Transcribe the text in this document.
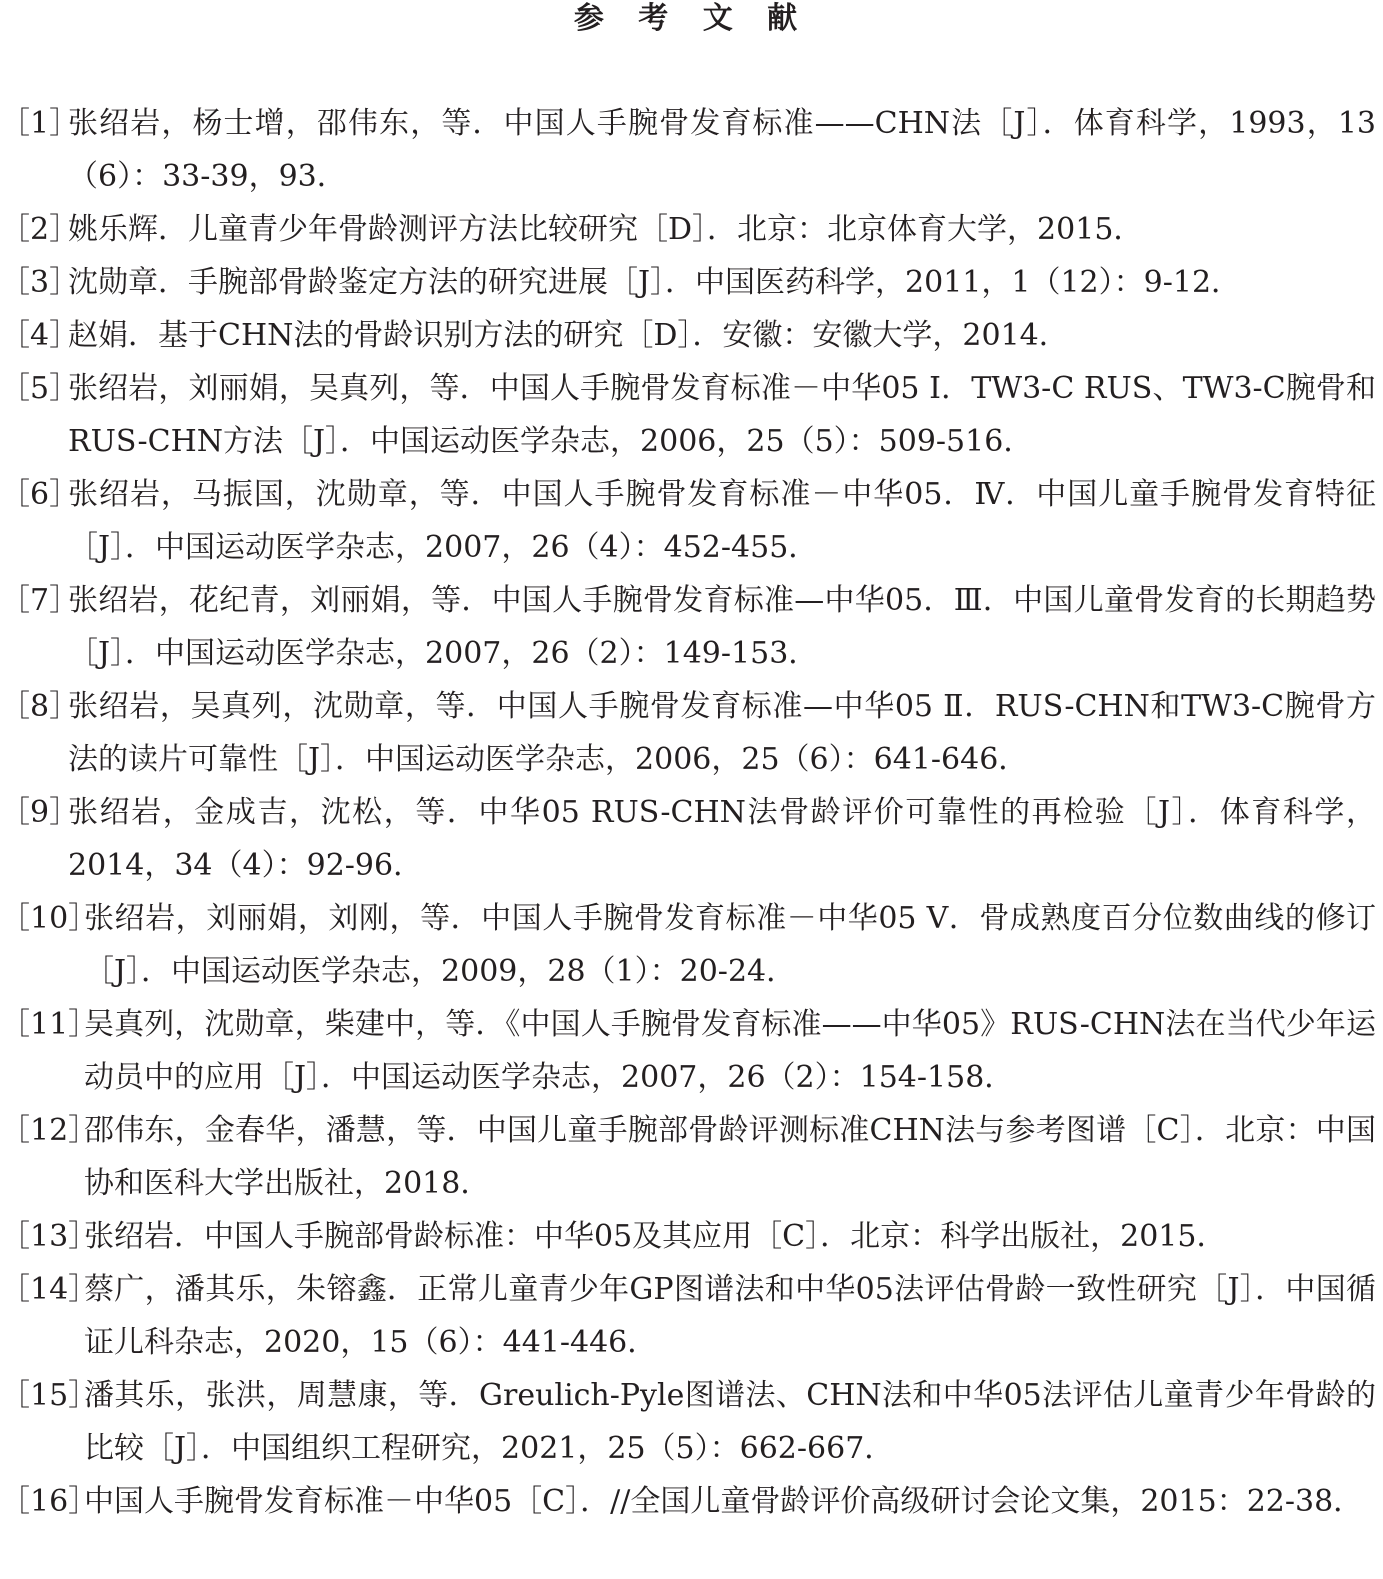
参 考 文 献
［1］
张绍岩，杨士增，邵伟东，等．中国人手腕骨发育标准——CHN法［J］．体育科学，1993，13（6）：33-39，93．
［2］
姚乐辉．儿童青少年骨龄测评方法比较研究［D］．北京：北京体育大学，2015．
［3］
沈勋章．手腕部骨龄鉴定方法的研究进展［J］．中国医药科学，2011，1（12）：9-12．
［4］
赵娟．基于CHN法的骨龄识别方法的研究［D］．安徽：安徽大学，2014．
［5］
张绍岩，刘丽娟，吴真列，等．中国人手腕骨发育标准－中华05 Ⅰ．TW3-C RUS、TW3-C腕骨和RUS-CHN方法［J］．中国运动医学杂志，2006，25（5）：509-516．
［6］
张绍岩，马振国，沈勋章，等．中国人手腕骨发育标准－中华05．Ⅳ．中国儿童手腕骨发育特征［J］．中国运动医学杂志，2007，26（4）：452-455．
［7］
张绍岩，花纪青，刘丽娟，等．中国人手腕骨发育标准—中华05．Ⅲ．中国儿童骨发育的长期趋势［J］．中国运动医学杂志，2007，26（2）：149-153．
［8］
张绍岩，吴真列，沈勋章，等．中国人手腕骨发育标准—中华05 Ⅱ．RUS-CHN和TW3-C腕骨方法的读片可靠性［J］．中国运动医学杂志，2006，25（6）：641-646．
［9］
张绍岩，金成吉，沈松，等．中华05 RUS-CHN法骨龄评价可靠性的再检验［J］．体育科学，2014，34（4）：92-96．
［10］
张绍岩，刘丽娟，刘刚，等．中国人手腕骨发育标准－中华05 Ⅴ．骨成熟度百分位数曲线的修订［J］．中国运动医学杂志，2009，28（1）：20-24．
［11］
吴真列，沈勋章，柴建中，等．《中国人手腕骨发育标准——中华05》RUS-CHN法在当代少年运动员中的应用［J］．中国运动医学杂志，2007，26（2）：154-158．
［12］
邵伟东，金春华，潘慧，等．中国儿童手腕部骨龄评测标准CHN法与参考图谱［C］．北京：中国协和医科大学出版社，2018．
［13］
张绍岩．中国人手腕部骨龄标准：中华05及其应用［C］．北京：科学出版社，2015．
［14］
蔡广，潘其乐，朱镕鑫．正常儿童青少年GP图谱法和中华05法评估骨龄一致性研究［J］．中国循证儿科杂志，2020，15（6）：441-446．
［15］
潘其乐，张洪，周慧康，等．Greulich-Pyle图谱法、CHN法和中华05法评估儿童青少年骨龄的比较［J］．中国组织工程研究，2021，25（5）：662-667．
［16］
中国人手腕骨发育标准－中华05［C］．//全国儿童骨龄评价高级研讨会论文集，2015：22-38．
